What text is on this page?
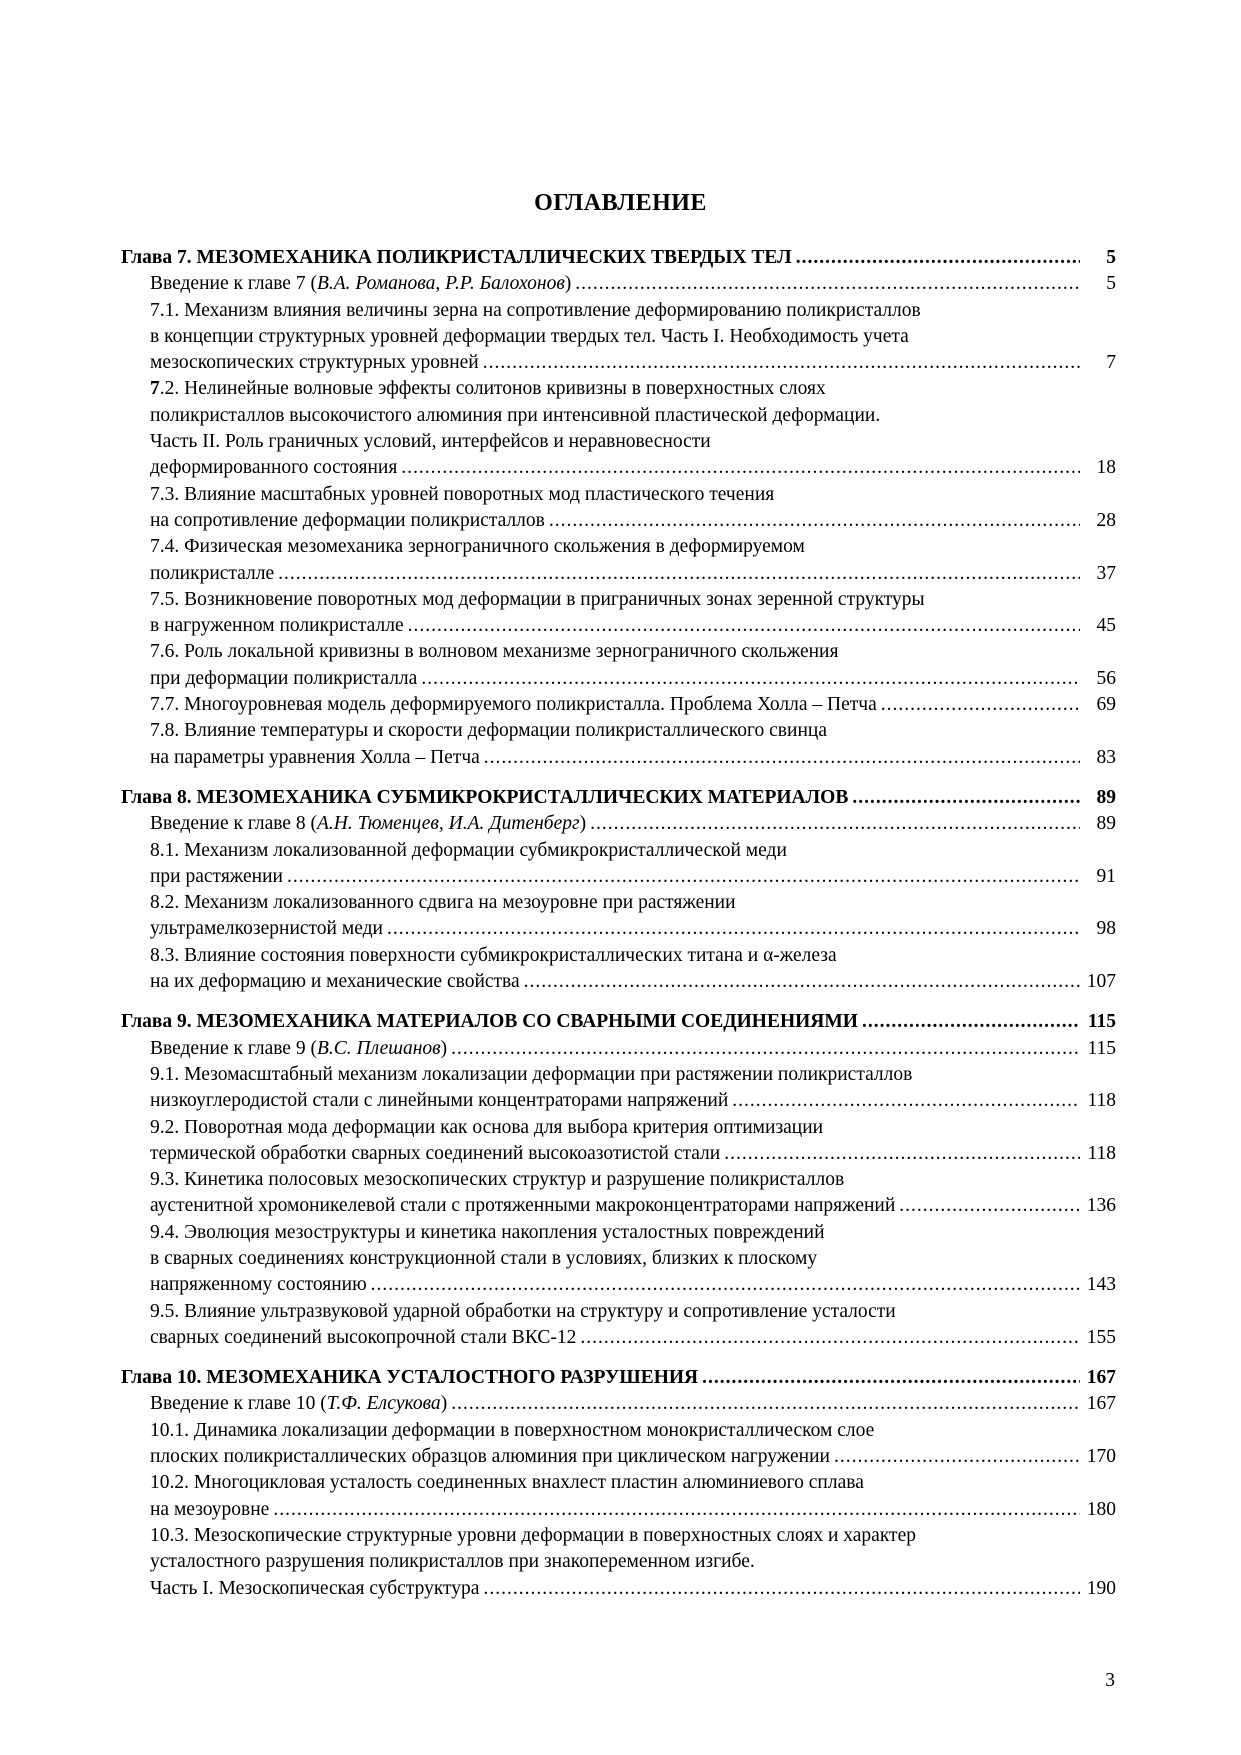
ОГЛАВЛЕНИЕ
Глава 7. МЕЗОМЕХАНИКА ПОЛИКРИСТАЛЛИЧЕСКИХ ТВЕРДЫХ ТЕЛ .....	5
Введение к главе 7 (В.А. Романова, Р.Р. Балохонов) .....	5
7.1. Механизм влияния величины зерна на сопротивление деформированию поликристаллов
в концепции структурных уровней деформации твердых тел. Часть I. Необходимость учета
мезоскопических структурных уровней .....	7
7 .2. Нелинейные волновые эффекты солитонов кривизны в поверхностных слоях
поликристаллов высокочистого алюминия при интенсивной пластической деформации.
Часть II. Роль граничных условий, интерфейсов и неравновесности
деформированного состояния .....	18
7.3. Влияние масштабных уровней поворотных мод пластического течения
на сопротивление деформации поликристаллов .....	28
7.4. Физическая мезомеханика зернограничного скольжения в деформируемом
поликристалле .....	37
7.5. Возникновение поворотных мод деформации в приграничных зонах зеренной структуры
в нагруженном поликристалле .....	45
7.6. Роль локальной кривизны в волновом механизме зернограничного скольжения
при деформации поликристалла .....	56
7.7. Многоуровневая модель деформируемого поликристалла. Проблема Холла – Петча .....	69
7.8. Влияние температуры и скорости деформации поликристаллического свинца
на параметры уравнения Холла – Петча .....	83
Глава 8. МЕЗОМЕХАНИКА СУБМИКРОКРИСТАЛЛИЧЕСКИХ МАТЕРИАЛОВ .....	89
Введение к главе 8 (А.Н. Тюменцев, И.А. Дитенберг) .....	89
8.1. Механизм локализованной деформации субмикрокристаллической меди
при растяжении .....	91
8.2. Механизм локализованного сдвига на мезоуровне при растяжении
ультрамелкозернистой меди .....	98
8.3. Влияние состояния поверхности субмикрокристаллических титана и α-железа
на их деформацию и механические свойства .....	107
Глава 9. МЕЗОМЕХАНИКА МАТЕРИАЛОВ СО СВАРНЫМИ СОЕДИНЕНИЯМИ .....	115
Введение к главе 9 (В.С. Плешанов) .....	115
9.1. Мезомасштабный механизм локализации деформации при растяжении поликристаллов
низкоуглеродистой стали с линейными концентраторами напряжений .....	118
9.2. Поворотная мода деформации как основа для выбора критерия оптимизации
термической обработки сварных соединений высокоазотистой стали .....	118
9.3. Кинетика полосовых мезоскопических структур и разрушение поликристаллов
аустенитной хромоникелевой стали с протяженными макроконцентраторами напряжений .....	136
9.4. Эволюция мезоструктуры и кинетика накопления усталостных повреждений
в сварных соединениях конструкционной стали в условиях, близких к плоскому
напряженному состоянию .....	143
9.5. Влияние ультразвуковой ударной обработки на структуру и сопротивление усталости
сварных соединений высокопрочной стали ВКС-12 .....	155
Глава 10. МЕЗОМЕХАНИКА УСТАЛОСТНОГО РАЗРУШЕНИЯ .....	167
Введение к главе 10 (Т.Ф. Елсукова) .....	167
10.1. Динамика локализации деформации в поверхностном монокристаллическом слое
плоских поликристаллических образцов алюминия при циклическом нагружении .....	170
10.2. Многоцикловая усталость соединенных внахлест пластин алюминиевого сплава
на мезоуровне .....	180
10.3. Мезоскопические структурные уровни деформации в поверхностных слоях и характер
усталостного разрушения поликристаллов при знакопеременном изгибе.
Часть I. Мезоскопическая субструктура .....	190
3
